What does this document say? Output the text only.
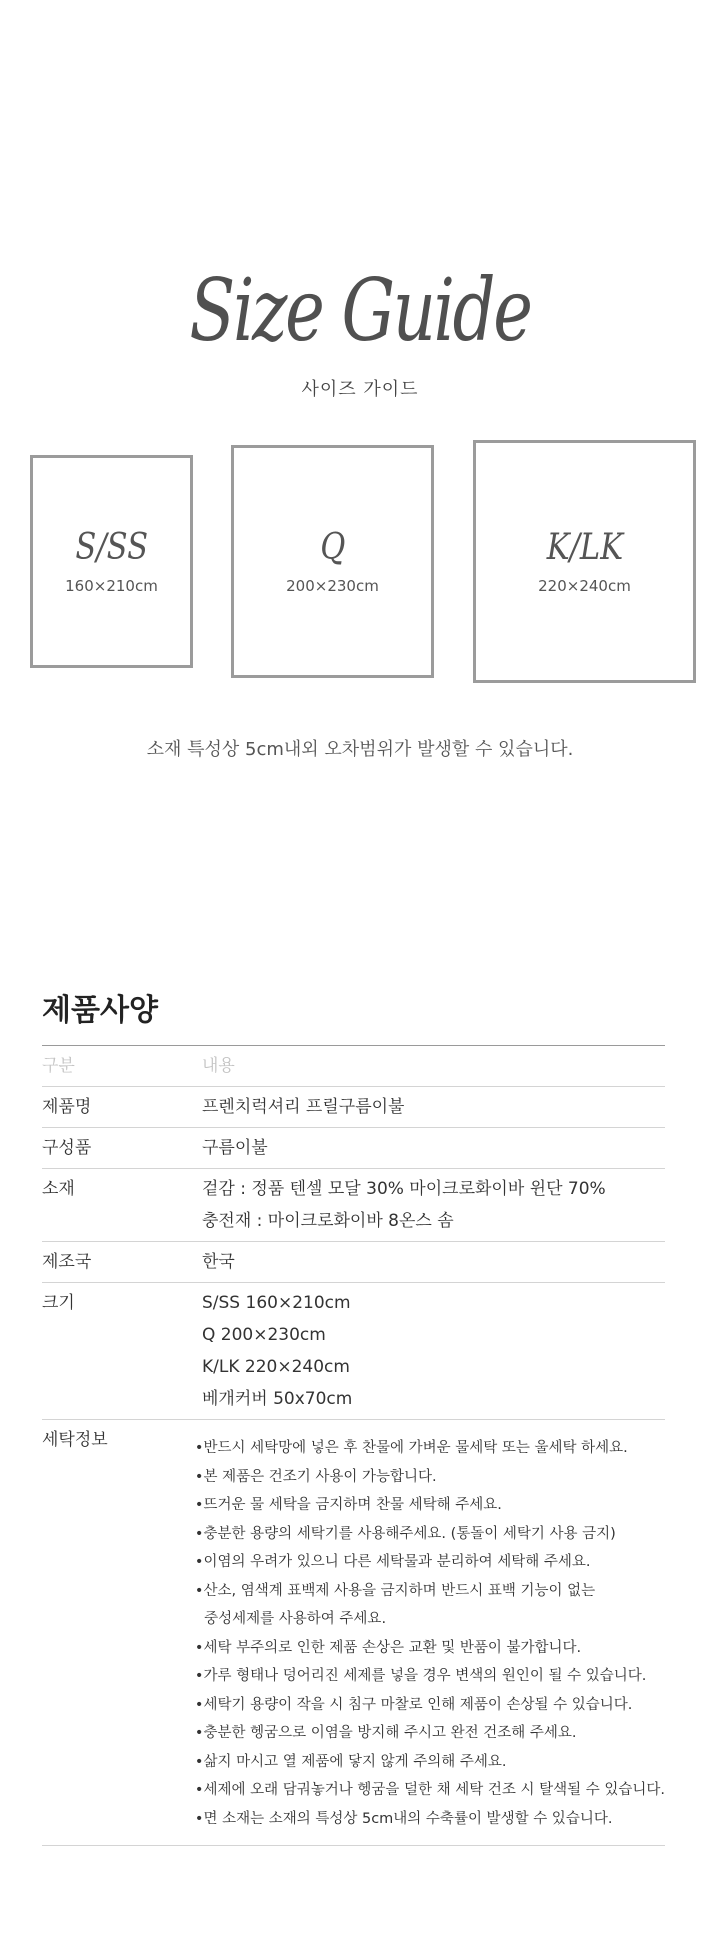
Size Guide
사이즈 가이드
S/SS
160×210cm
Q
200×230cm
K/LK
220×240cm
소재 특성상 5cm내외 오차범위가 발생할 수 있습니다.
제품사양
구분	내용
제품명	프렌치럭셔리 프릴구름이불
구성품	구름이불
소재	겉감 : 정품 텐셀 모달 30% 마이크로화이바 윈단 70%
충전재 : 마이크로화이바 8온스 솜
제조국	한국
크기	S/SS 160×210cm
Q 200×230cm
K/LK 220×240cm
베개커버 50x70cm
세탁정보	•반드시 세탁망에 넣은 후 찬물에 가벼운 물세탁 또는 울세탁 하세요.
•본 제품은 건조기 사용이 가능합니다.
•뜨거운 물 세탁을 금지하며 찬물 세탁해 주세요.
•충분한 용량의 세탁기를 사용해주세요. (통돌이 세탁기 사용 금지)
•이염의 우려가 있으니 다른 세탁물과 분리하여 세탁해 주세요.
•산소, 염색계 표백제 사용을 금지하며 반드시 표백 기능이 없는
중성세제를 사용하여 주세요.
•세탁 부주의로 인한 제품 손상은 교환 및 반품이 불가합니다.
•가루 형태나 덩어리진 세제를 넣을 경우 변색의 원인이 될 수 있습니다.
•세탁기 용량이 작을 시 침구 마찰로 인해 제품이 손상될 수 있습니다.
•충분한 헹굼으로 이염을 방지해 주시고 완전 건조해 주세요.
•삶지 마시고 열 제품에 닿지 않게 주의해 주세요.
•세제에 오래 담궈놓거나 헹굼을 덜한 채 세탁 건조 시 탈색될 수 있습니다.
•면 소재는 소재의 특성상 5cm내의 수축률이 발생할 수 있습니다.
